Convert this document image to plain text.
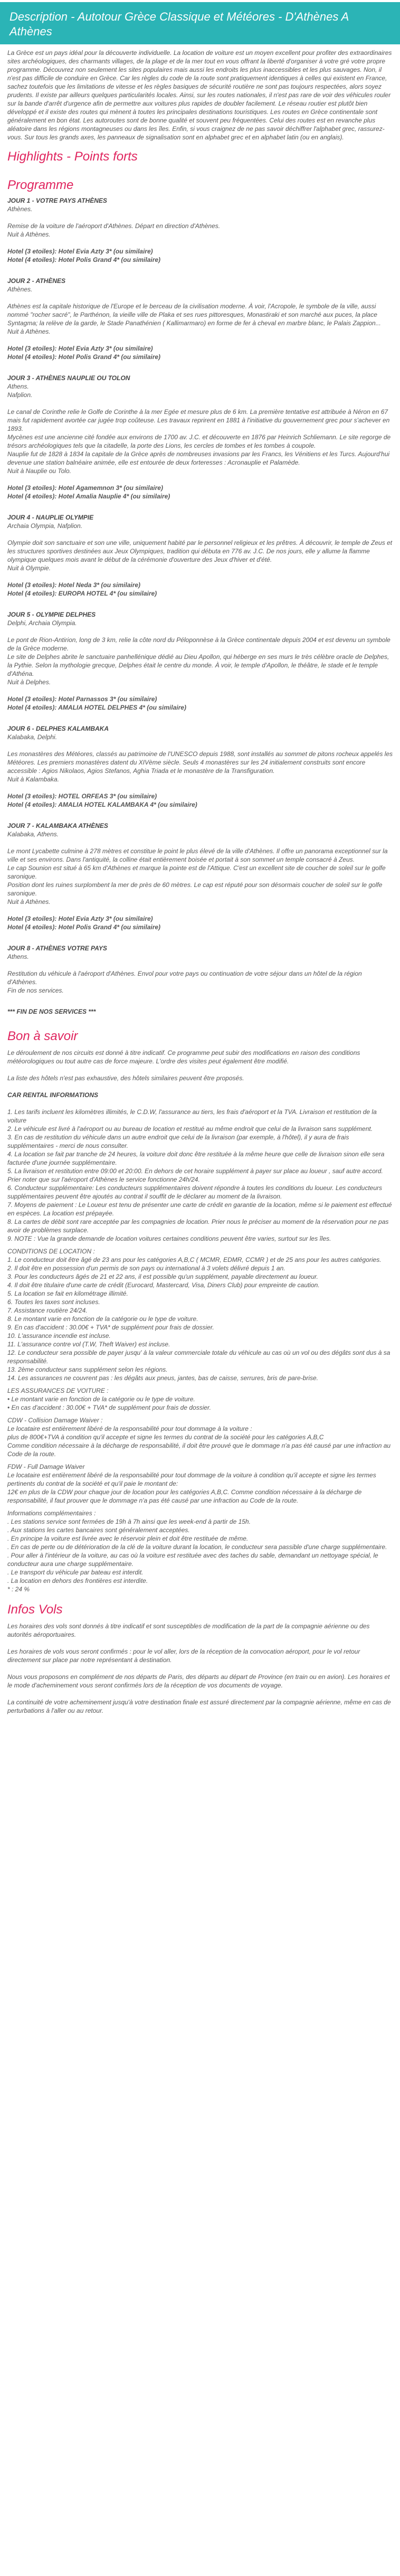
Description - Autotour Grèce Classique et Météores - D'Athènes A Athènes

La Grèce est un pays idéal pour la découverte individuelle. La location de voiture est un moyen excellent pour profiter des extraordinaires sites archéologiques, des charmants villages, de la plage et de la mer tout en vous offrant la liberté d'organiser à votre gré votre propre programme. Découvrez non seulement les sites populaires mais aussi les endroits les plus inaccessibles et les plus sauvages. Non, il n'est pas difficile de conduire en Grèce. Car les règles du code de la route sont pratiquement identiques à celles qui existent en France, sachez toutefois que les limitations de vitesse et les règles basiques de sécurité routière ne sont pas toujours respectées, alors soyez prudents. Il existe par ailleurs quelques particularités locales. Ainsi, sur les routes nationales, il n'est pas rare de voir des véhicules rouler sur la bande d'arrêt d'urgence afin de permettre aux voitures plus rapides de doubler facilement. Le réseau routier est plutôt bien développé et il existe des routes qui mènent à toutes les principales destinations touristiques. Les routes en Grèce continentale sont généralement en bon état. Les autoroutes sont de bonne qualité et souvent peu fréquentées. Celui des routes est en revanche plus aléatoire dans les régions montagneuses ou dans les îles. Enfin, si vous craignez de ne pas savoir déchiffrer l'alphabet grec, rassurez-vous. Sur tous les grands axes, les panneaux de signalisation sont en alphabet grec et en alphabet latin (ou en anglais).

Highlights - Points forts
Programme

JOUR 1 - VOTRE PAYS ATHÈNES

Athènes.

Remise de la voiture de l'aéroport d'Athènes. Départ en direction d'Athènes.

Nuit à Athènes.

Hotel (3 etoiles): Hotel Evia Azty 3* (ou similaire)

Hotel (4 etoiles): Hotel Polis Grand 4* (ou similaire)

JOUR 2 - ATHÈNES

Athènes.

Athènes est la capitale historique de l'Europe et le berceau de la civilisation moderne. À voir, l'Acropole, le symbole de la ville, aussi nommé "rocher sacré", le Parthénon, la vieille ville de Plaka et ses rues pittoresques, Monastiraki et son marché aux puces, la place Syntagma; la relève de la garde, le Stade Panathénien ( Kallimarmaro) en forme de fer à cheval en marbre blanc, le Palais Zappion...

Nuit à Athènes.

Hotel (3 etoiles): Hotel Evia Azty 3* (ou similaire)

Hotel (4 etoiles): Hotel Polis Grand 4* (ou similaire)

JOUR 3 - ATHÈNES NAUPLIE OU TOLON

Athens.

Nafplion.

Le canal de Corinthe relie le Golfe de Corinthe à la mer Egée et mesure plus de 6 km. La première tentative est attribuée à Néron en 67 mais fut rapidement avortée car jugée trop coûteuse. Les travaux reprirent en 1881 à l'initiative du gouvernement grec pour s'achever en 1893.

Mycènes est une ancienne cité fondée aux environs de 1700 av. J.C. et découverte en 1876 par Heinrich Schliemann. Le site regorge de trésors archéologiques tels que la citadelle, la porte des Lions, les cercles de tombes et les tombes à coupole.

Nauplie fut de 1828 à 1834 la capitale de la Grèce après de nombreuses invasions par les Francs, les Vénitiens et les Turcs. Aujourd'hui devenue une station balnéaire animée, elle est entourée de deux forteresses : Acronauplie et Palamède.

Nuit à Nauplie ou Tolo.

Hotel (3 etoiles): Hotel Agamemnon 3* (ou similaire)

Hotel (4 etoiles): Hotel Amalia Nauplie 4* (ou similaire)

JOUR 4 - NAUPLIE OLYMPIE

Archaia Olympia, Nafplion.

Olympie doit son sanctuaire et son une ville, uniquement habité par le personnel religieux et les prêtres. À découvrir, le temple de Zeus et les structures sportives destinées aux Jeux Olympiques, tradition qui débuta en 776 av. J.C. De nos jours, elle y allume la flamme olympique quelques mois avant le début de la cérémonie d'ouverture des Jeux d'hiver et d'été.

Nuit à Olympie.

Hotel (3 etoiles): Hotel Neda 3* (ou similaire)

Hotel (4 etoiles): EUROPA HOTEL 4* (ou similaire)

JOUR 5 - OLYMPIE DELPHES

Delphi, Archaia Olympia.

Le pont de Rion-Antirion, long de 3 km, relie la côte nord du Péloponnèse à la Grèce continentale depuis 2004 et est devenu un symbole de la Grèce moderne.

Le site de Delphes abrite le sanctuaire panhellénique dédié au Dieu Apollon, qui héberge en ses murs le très célèbre oracle de Delphes, la Pythie. Selon la mythologie grecque, Delphes était le centre du monde. À voir, le temple d'Apollon, le théâtre, le stade et le temple d'Athéna.

Nuit à Delphes.

Hotel (3 etoiles): Hotel Parnassos 3* (ou similaire)

Hotel (4 etoiles): AMALIA HOTEL DELPHES 4* (ou similaire)

JOUR 6 - DELPHES KALAMBAKA

Kalabaka, Delphi.

Les monastères des Météores, classés au patrimoine de l'UNESCO depuis 1988, sont installés au sommet de pitons rocheux appelés les Météores. Les premiers monastères datent du XIVème siècle. Seuls 4 monastères sur les 24 initialement construits sont encore accessible : Agios Nikolaos, Agios Stefanos, Aghia Triada et le monastère de la Transfiguration.

Nuit à Kalambaka.

Hotel (3 etoiles): HOTEL ORFEAS 3* (ou similaire)

Hotel (4 etoiles): AMALIA HOTEL KALAMBAKA 4* (ou similaire)

JOUR 7 - KALAMBAKA ATHÈNES

Kalabaka, Athens.

Le mont Lycabette culmine à 278 mètres et constitue le point le plus élevé de la ville d'Athènes. Il offre un panorama exceptionnel sur la ville et ses environs. Dans l'antiquité, la colline était entièrement boisée et portait à son sommet un temple consacré à Zeus.

Le cap Sounion est situé à 65 km d'Athènes et marque la pointe est de l'Attique. C'est un excellent site de coucher de soleil sur le golfe saronique.

Position dont les ruines surplombent la mer de près de 60 mètres. Le cap est réputé pour son désormais coucher de soleil sur le golfe saronique.

Nuit à Athènes.

Hotel (3 etoiles): Hotel Evia Azty 3* (ou similaire)

Hotel (4 etoiles): Hotel Polis Grand 4* (ou similaire)

JOUR 8 - ATHÈNES VOTRE PAYS

Athens.

Restitution du véhicule à l'aéroport d'Athènes. Envol pour votre pays ou continuation de votre séjour dans un hôtel de la région d'Athènes.

Fin de nos services.

*** FIN DE NOS SERVICES ***

Bon à savoir

Le déroulement de nos circuits est donné à titre indicatif. Ce programme peut subir des modifications en raison des conditions météorologiques ou tout autre cas de force majeure. L'ordre des visites peut également être modifié.

La liste des hôtels n'est pas exhaustive, des hôtels similaires peuvent être proposés.

CAR RENTAL INFORMATIONS

1. Les tarifs incluent les kilomètres illimités, le C.D.W, l'assurance au tiers, les frais d'aéroport et la TVA. Livraison et restitution de la voiture

2. Le véhicule est livré à l'aéroport ou au bureau de location et restitué au même endroit que celui de la livraison sans supplément.

3. En cas de restitution du véhicule dans un autre endroit que celui de la livraison (par exemple, à l'hôtel), il y aura de frais supplémentaires - merci de nous consulter.

4. La location se fait par tranche de 24 heures, la voiture doit donc être restituée à la même heure que celle de livraison sinon elle sera facturée d'une journée supplémentaire.

5. La livraison et restitution entre 09:00 et 20:00. En dehors de cet horaire supplément à payer sur place au loueur , sauf autre accord. Prier noter que sur l'aéroport d'Athènes le service fonctionne 24h/24.

6. Conducteur supplémentaire: Les conducteurs supplémentaires doivent répondre à toutes les conditions du loueur. Les conducteurs supplémentaires peuvent être ajoutés au contrat il souffit de le déclarer au moment de la livraison.

7. Moyens de paiement : Le Loueur est tenu de présenter une carte de crédit en garantie de la location, même si le paiement est effectué en espèces. La location est prépayée.

8. La cartes de débit sont rare acceptée par les compagnies de location. Prier nous le préciser au moment de la réservation pour ne pas avoir de problèmes surplace.

9. NOTE : Vue la grande demande de location voitures certaines conditions peuvent être varies, surtout sur les îles.

CONDITIONS DE LOCATION :

1. Le conducteur doit être âgé de 23 ans pour les catégories A,B,C ( MCMR, EDMR, CCMR ) et de 25 ans pour les autres catégories.

2. Il doit être en possession d'un permis de son pays ou international à 3 volets délivré depuis 1 an.

3. Pour les conducteurs âgés de 21 et 22 ans, il est possible qu'un supplément, payable directement au loueur.

4. Il doit être titulaire d'une carte de crédit (Eurocard, Mastercard, Visa, Diners Club) pour empreinte de caution.

5. La location se fait en kilométrage illimité.

6. Toutes les taxes sont incluses.

7. Assistance routière 24/24.

8. Le montant varie en fonction de la catégorie ou le type de voiture.

9. En cas d'accident : 30.00€ + TVA* de supplément pour frais de dossier.

10. L'assurance incendie est incluse.

11. L'assurance contre vol (T.W, Theft Waiver) est incluse.

12. Le conducteur sera possible de payer jusqu' à la valeur commerciale totale du véhicule au cas où un vol ou des dégâts sont dus à sa responsabilité.

13. 2ème conducteur sans supplément selon les régions.

14. Les assurances ne couvrent pas : les dégâts aux pneus, jantes, bas de caisse, serrures, bris de pare-brise.

LES ASSURANCES DE VOITURE :

• Le montant varie en fonction de la catégorie ou le type de voiture.

• En cas d'accident : 30.00€ + TVA* de supplément pour frais de dossier.

CDW - Collision Damage Waiver :

Le locataire est entièrement libéré de la responsabilité pour tout dommage à la voiture :

plus de 800€+TVA à condition qu'il accepte et signe les termes du contrat de la société pour les catégories A,B,C

Comme condition nécessaire à la décharge de responsabilité, il doit être prouvé que le dommage n'a pas été causé par une infraction au Code de la route.

FDW - Full Damage Waiver

Le locataire est entièrement libéré de la responsabilité pour tout dommage de la voiture à condition qu'il accepte et signe les termes pertinents du contrat de la société et qu'il paie le montant de:

12€ en plus de la CDW pour chaque jour de location pour les catégories A,B,C. Comme condition nécessaire à la décharge de responsabilité, il faut prouver que le dommage n'a pas été causé par une infraction au Code de la route.

Informations complémentaires :

. Les stations service sont fermées de 19h à 7h ainsi que les week-end à partir de 15h.

. Aux stations les cartes bancaires sont généralement acceptées.

. En principe la voiture est livrée avec le réservoir plein et doit être restituée de même.

. En cas de perte ou de détérioration de la clé de la voiture durant la location, le conducteur sera passible d'une charge supplémentaire.

. Pour aller à l'intérieur de la voiture, au cas où la voiture est restituée avec des taches du sable, demandant un nettoyage spécial, le conducteur aura une charge supplémentaire.

. Le transport du véhicule par bateau est interdit.

. La location en dehors des frontières est interdite.

* : 24 %

Infos Vols

Les horaires des vols sont donnés à titre indicatif et sont susceptibles de modification de la part de la compagnie aérienne ou des autorités aéroportuaires.

Les horaires de vols vous seront confirmés : pour le vol aller, lors de la réception de la convocation aéroport, pour le vol retour directement sur place par notre représentant à destination.

Nous vous proposons en complément de nos départs de Paris, des départs au départ de Province (en train ou en avion). Les horaires et le mode d'acheminement vous seront confirmés lors de la réception de vos documents de voyage.

La continuité de votre acheminement jusqu'à votre destination finale est assuré directement par la compagnie aérienne, même en cas de perturbations à l'aller ou au retour.
